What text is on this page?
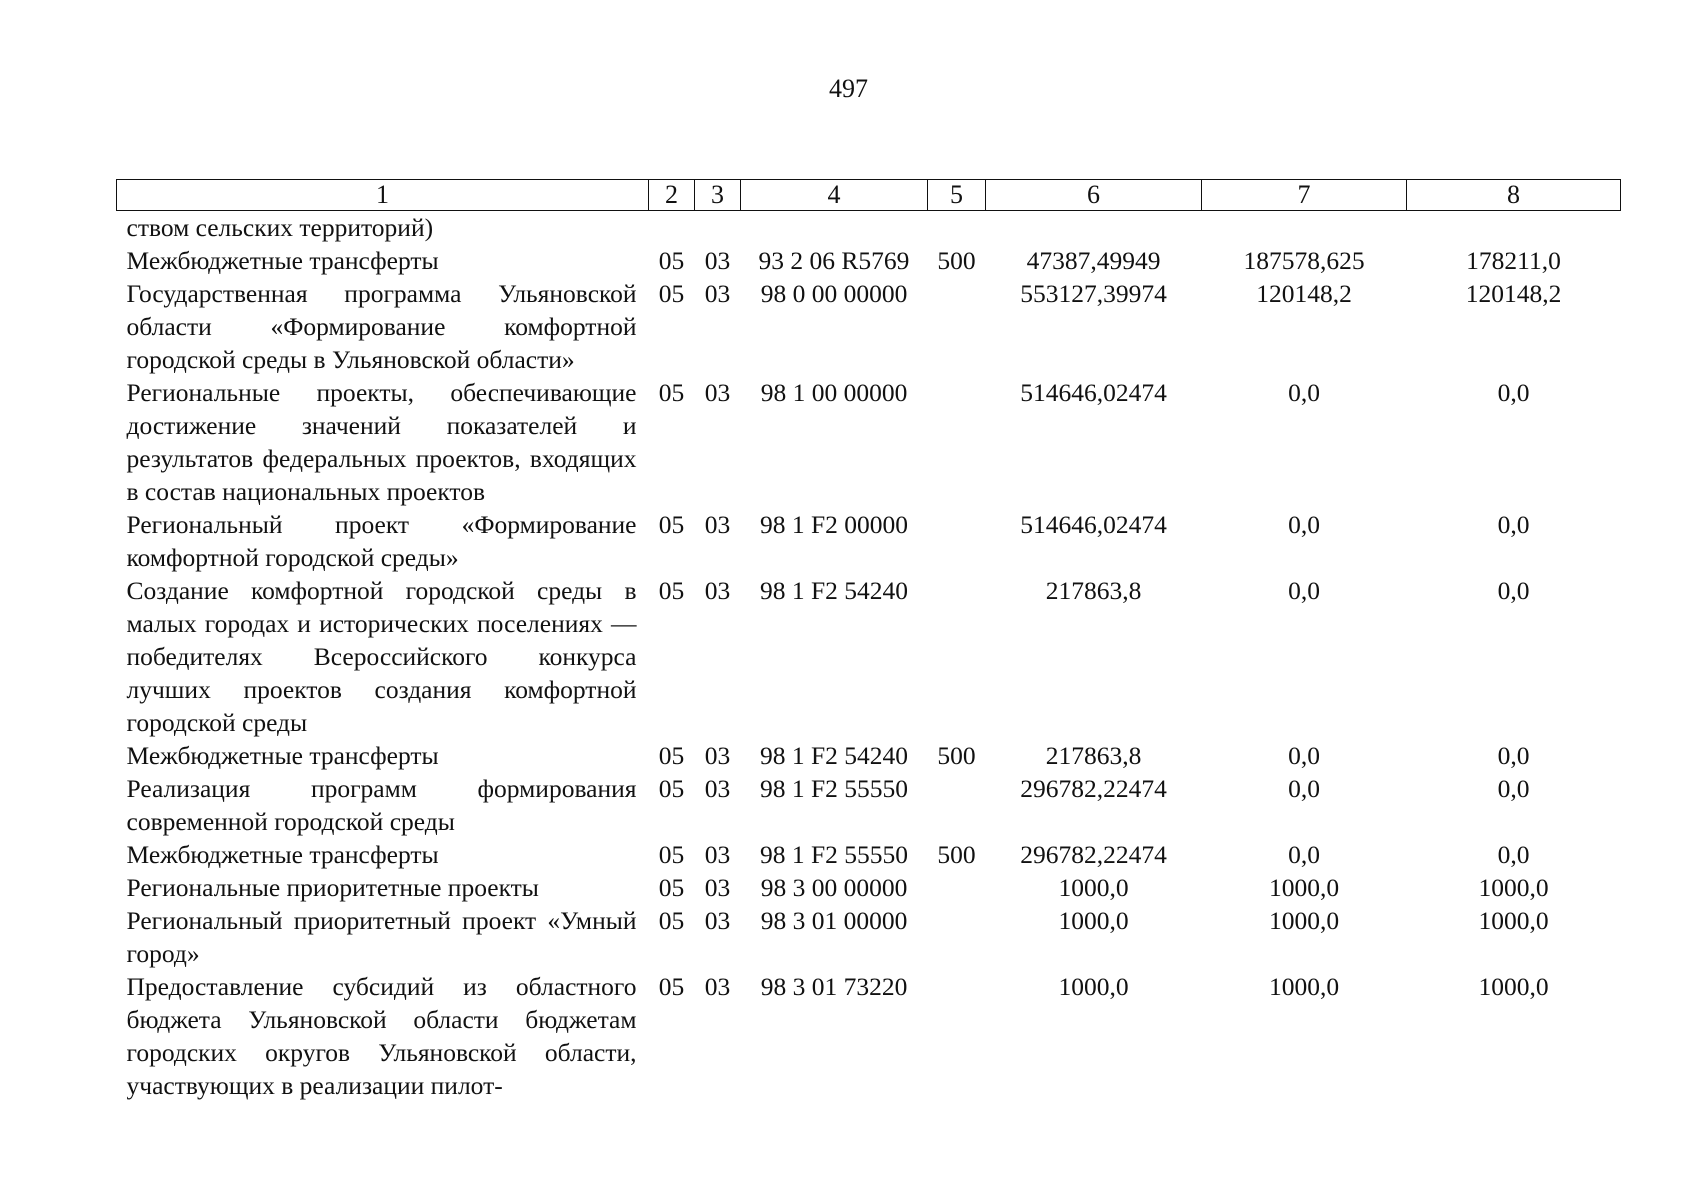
497
1	2	3	4	5	6	7	8
ством сельских территорий)							
Межбюджетные трансферты	05	03	93 2 06 R5769	500	47387,49949	187578,625	178211,0
Государственная программа Ульяновской области «Формирование комфортной городской среды в Ульяновской области»	05	03	98 0 00 00000		553127,39974	120148,2	120148,2
Региональные проекты, обеспечивающие достижение значений показателей и результатов федеральных проектов, входящих в состав национальных проектов	05	03	98 1 00 00000		514646,02474	0,0	0,0
Региональный проект «Формирование комфортной городской среды»	05	03	98 1 F2 00000		514646,02474	0,0	0,0
Создание комфортной городской среды в малых городах и исторических поселениях — победителях Всероссийского конкурса лучших проектов создания комфортной городской среды	05	03	98 1 F2 54240		217863,8	0,0	0,0
Межбюджетные трансферты	05	03	98 1 F2 54240	500	217863,8	0,0	0,0
Реализация программ формирования современной городской среды	05	03	98 1 F2 55550		296782,22474	0,0	0,0
Межбюджетные трансферты	05	03	98 1 F2 55550	500	296782,22474	0,0	0,0
Региональные приоритетные проекты	05	03	98 3 00 00000		1000,0	1000,0	1000,0
Региональный приоритетный проект «Умный город»	05	03	98 3 01 00000		1000,0	1000,0	1000,0
Предоставление субсидий из областного бюджета Ульяновской области бюджетам городских округов Ульяновской области, участвующих в реализации пилот-	05	03	98 3 01 73220		1000,0	1000,0	1000,0
